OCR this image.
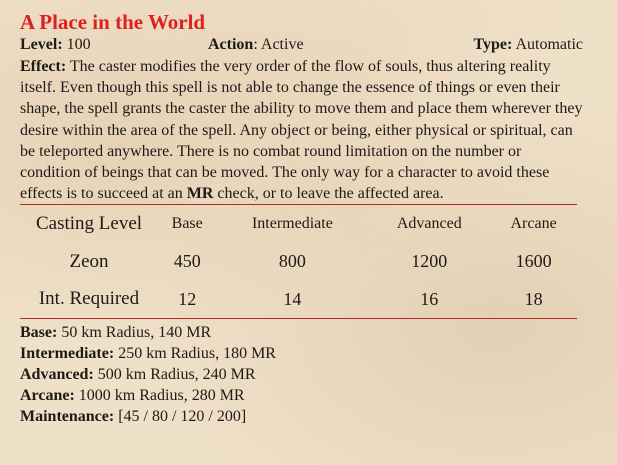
A Place in the World
Level: 100	Action: Active	Type: Automatic

Effect: The caster modifies the very order of the flow of souls, thus altering reality itself. Even though this spell is not able to change the essence of things or even their shape, the spell grants the caster the ability to move them and place them wherever they desire within the area of the spell. Any object or being, either physical or spiritual, can be teleported anywhere. There is no combat round limitation on the number or condition of beings that can be moved. The only way for a character to avoid these effects is to succeed at an MR check, or to leave the affected area.

Casting Level	Base	Intermediate	Advanced	Arcane
Zeon	450	800	1200	1600
Int. Required	12	14	16	18
Base: 50 km Radius, 140 MR
Intermediate: 250 km Radius, 180 MR
Advanced: 500 km Radius, 240 MR
Arcane: 1000 km Radius, 280 MR
Maintenance: [45 / 80 / 120 / 200]
